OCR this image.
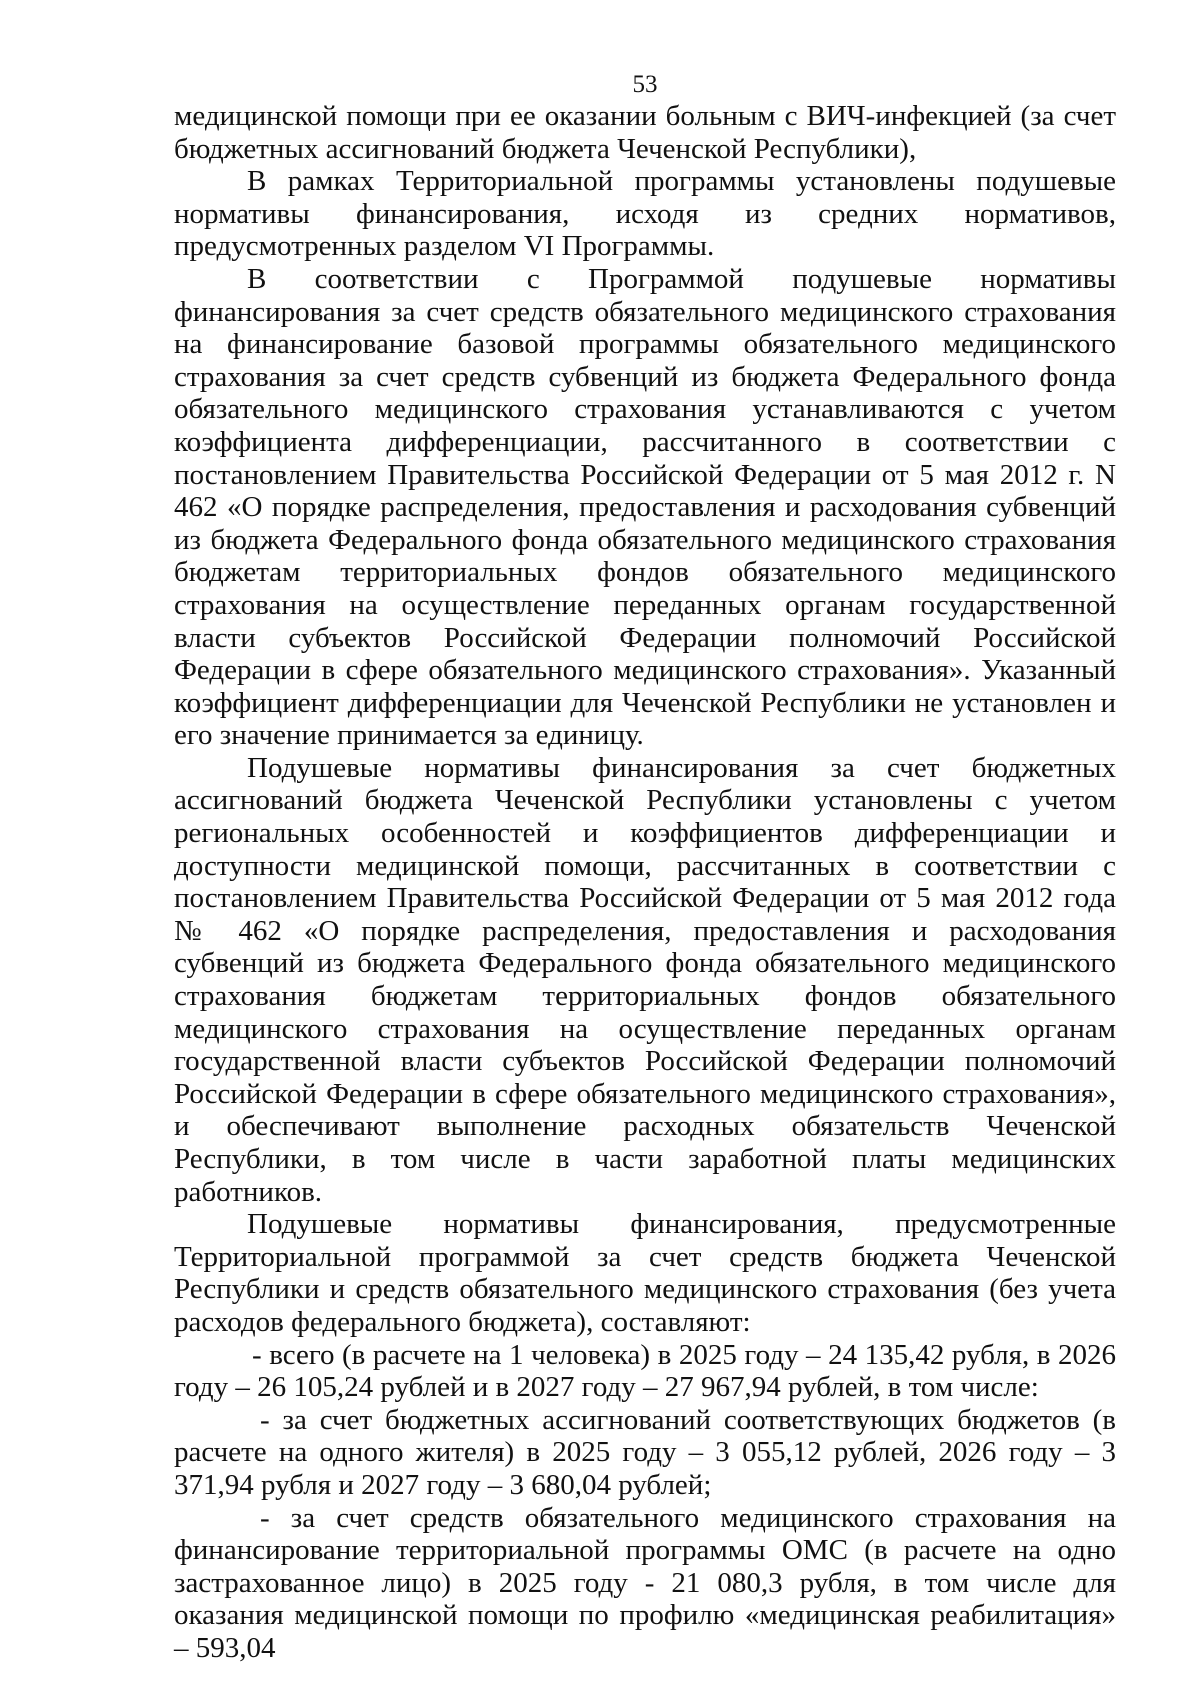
53

медицинской помощи при ее оказании больным с ВИЧ-инфекцией (за счет бюджетных ассигнований бюджета Чеченской Республики),

В рамках Территориальной программы установлены подушевые нормативы финансирования, исходя из средних нормативов, предусмотренных разделом VI Программы.

В соответствии с Программой подушевые нормативы финансирования за счет средств обязательного медицинского страхования на финансирование базовой программы обязательного медицинского страхования за счет средств субвенций из бюджета Федерального фонда обязательного медицинского страхования устанавливаются с учетом коэффициента дифференциации, рассчитанного в соответствии с постановлением Правительства Российской Федерации от 5 мая 2012 г. N 462 «О порядке распределения, предоставления и расходования субвенций из бюджета Федерального фонда обязательного медицинского страхования бюджетам территориальных фондов обязательного медицинского страхования на осуществление переданных органам государственной власти субъектов Российской Федерации полномочий Российской Федерации в сфере обязательного медицинского страхования». Указанный коэффициент дифференциации для Чеченской Республики не установлен и его значение принимается за единицу.

Подушевые нормативы финансирования за счет бюджетных ассигнований бюджета Чеченской Республики установлены с учетом региональных особенностей и коэффициентов дифференциации и доступности медицинской помощи, рассчитанных в соответствии с постановлением Правительства Российской Федерации от 5 мая 2012 года № 462 «О порядке распределения, предоставления и расходования субвенций из бюджета Федерального фонда обязательного медицинского страхования бюджетам территориальных фондов обязательного медицинского страхования на осуществление переданных органам государственной власти субъектов Российской Федерации полномочий Российской Федерации в сфере обязательного медицинского страхования», и обеспечивают выполнение расходных обязательств Чеченской Республики, в том числе в части заработной платы медицинских работников.

Подушевые нормативы финансирования, предусмотренные Территориальной программой за счет средств бюджета Чеченской Республики и средств обязательного медицинского страхования (без учета расходов федерального бюджета), составляют:

- всего (в расчете на 1 человека) в 2025 году – 24 135,42 рубля, в 2026 году – 26 105,24 рублей и в 2027 году – 27 967,94 рублей, в том числе:

- за счет бюджетных ассигнований соответствующих бюджетов (в расчете на одного жителя) в 2025 году – 3 055,12 рублей, 2026 году – 3 371,94 рубля и 2027 году – 3 680,04 рублей;

- за счет средств обязательного медицинского страхования на финансирование территориальной программы ОМС (в расчете на одно застрахованное лицо) в 2025 году - 21 080,3 рубля, в том числе для оказания медицинской помощи по профилю «медицинская реабилитация» – 593,04
